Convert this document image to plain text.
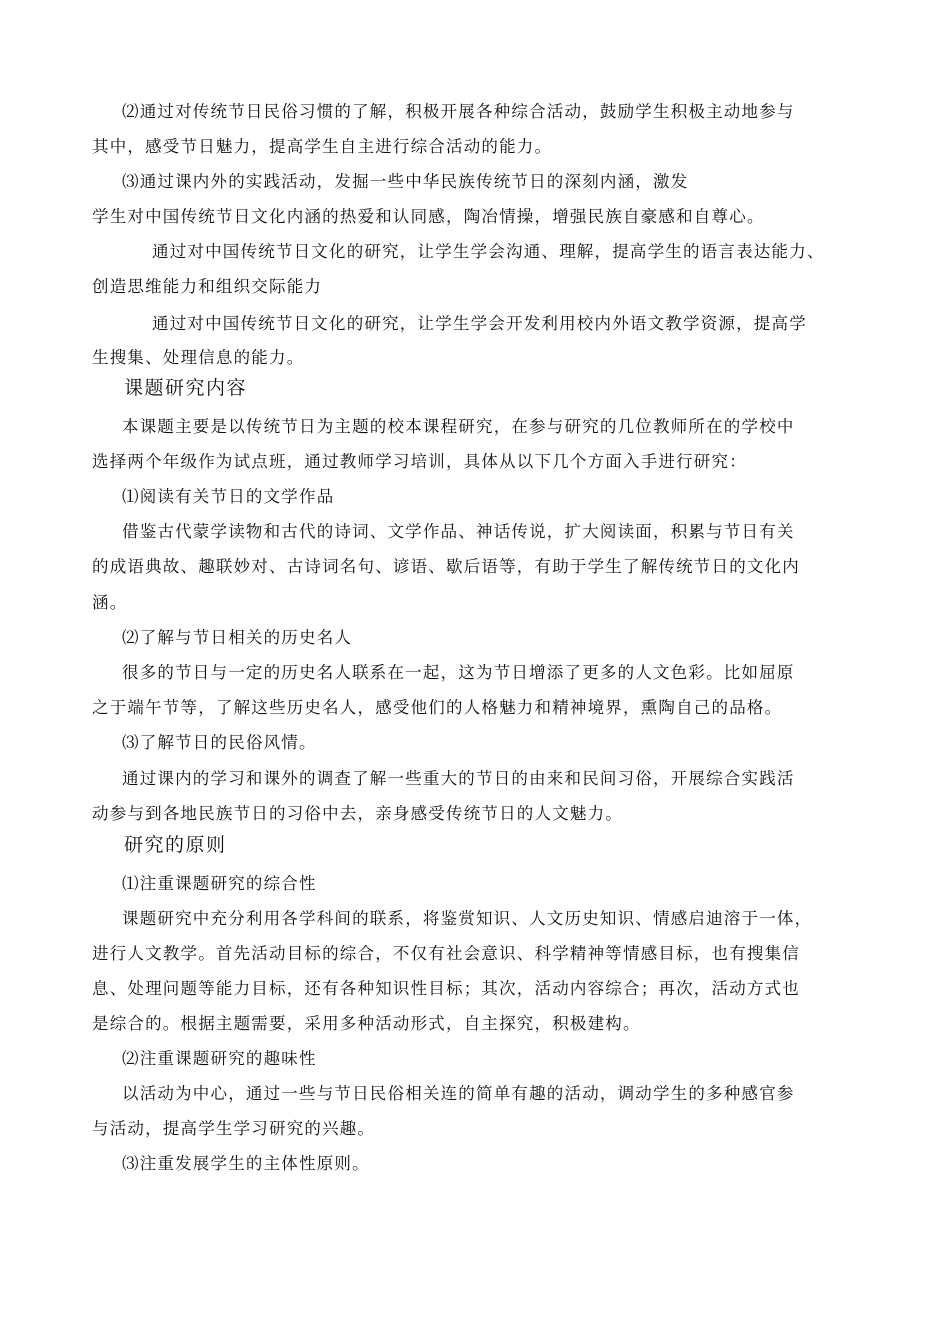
⑵通过对传统节日民俗习惯的了解，积极开展各种综合活动，鼓励学生积极主动地参与
其中，感受节日魅力，提高学生自主进行综合活动的能力。
⑶通过课内外的实践活动，发掘一些中华民族传统节日的深刻内涵，激发
学生对中国传统节日文化内涵的热爱和认同感，陶冶情操，增强民族自豪感和自尊心。
通过对中国传统节日文化的研究，让学生学会沟通、理解，提高学生的语言表达能力、
创造思维能力和组织交际能力
通过对中国传统节日文化的研究，让学生学会开发利用校内外语文教学资源，提高学
生搜集、处理信息的能力。
课题研究内容
本课题主要是以传统节日为主题的校本课程研究，在参与研究的几位教师所在的学校中
选择两个年级作为试点班，通过教师学习培训，具体从以下几个方面入手进行研究：
⑴阅读有关节日的文学作品
借鉴古代蒙学读物和古代的诗词、文学作品、神话传说，扩大阅读面，积累与节日有关
的成语典故、趣联妙对、古诗词名句、谚语、歇后语等，有助于学生了解传统节日的文化内
涵。
⑵了解与节日相关的历史名人
很多的节日与一定的历史名人联系在一起，这为节日增添了更多的人文色彩。比如屈原
之于端午节等，了解这些历史名人，感受他们的人格魅力和精神境界，熏陶自己的品格。
⑶了解节日的民俗风情。
通过课内的学习和课外的调查了解一些重大的节日的由来和民间习俗，开展综合实践活
动参与到各地民族节日的习俗中去，亲身感受传统节日的人文魅力。
研究的原则
⑴注重课题研究的综合性
课题研究中充分利用各学科间的联系，将鉴赏知识、人文历史知识、情感启迪溶于一体，
进行人文教学。首先活动目标的综合，不仅有社会意识、科学精神等情感目标，也有搜集信
息、处理问题等能力目标，还有各种知识性目标；其次，活动内容综合；再次，活动方式也
是综合的。根据主题需要，采用多种活动形式，自主探究，积极建构。
⑵注重课题研究的趣味性
以活动为中心，通过一些与节日民俗相关连的简单有趣的活动，调动学生的多种感官参
与活动，提高学生学习研究的兴趣。
⑶注重发展学生的主体性原则。
